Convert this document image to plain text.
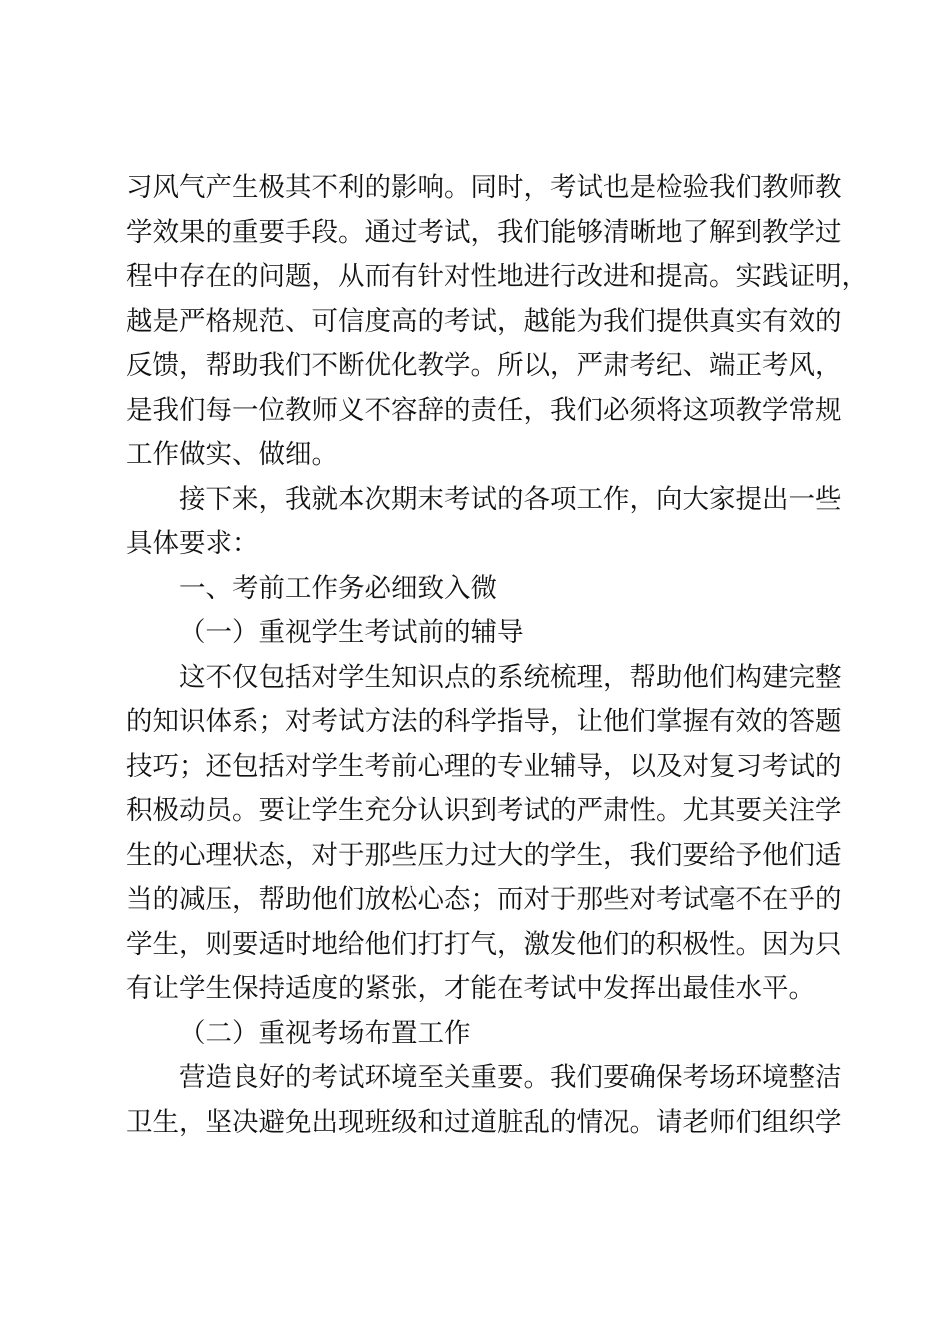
习风气产生极其不利的影响。同时，考试也是检验我们教师教
学效果的重要手段。通过考试，我们能够清晰地了解到教学过
程中存在的问题，从而有针对性地进行改进和提高。实践证明，
越是严格规范、可信度高的考试，越能为我们提供真实有效的
反馈，帮助我们不断优化教学。所以，严肃考纪、端正考风，
是我们每一位教师义不容辞的责任，我们必须将这项教学常规
工作做实、做细。
接下来，我就本次期末考试的各项工作，向大家提出一些
具体要求：
一、考前工作务必细致入微
（一）重视学生考试前的辅导
这不仅包括对学生知识点的系统梳理，帮助他们构建完整
的知识体系；对考试方法的科学指导，让他们掌握有效的答题
技巧；还包括对学生考前心理的专业辅导，以及对复习考试的
积极动员。要让学生充分认识到考试的严肃性。尤其要关注学
生的心理状态，对于那些压力过大的学生，我们要给予他们适
当的减压，帮助他们放松心态；而对于那些对考试毫不在乎的
学生，则要适时地给他们打打气，激发他们的积极性。因为只
有让学生保持适度的紧张，才能在考试中发挥出最佳水平。
（二）重视考场布置工作
营造良好的考试环境至关重要。我们要确保考场环境整洁
卫生，坚决避免出现班级和过道脏乱的情况。请老师们组织学
